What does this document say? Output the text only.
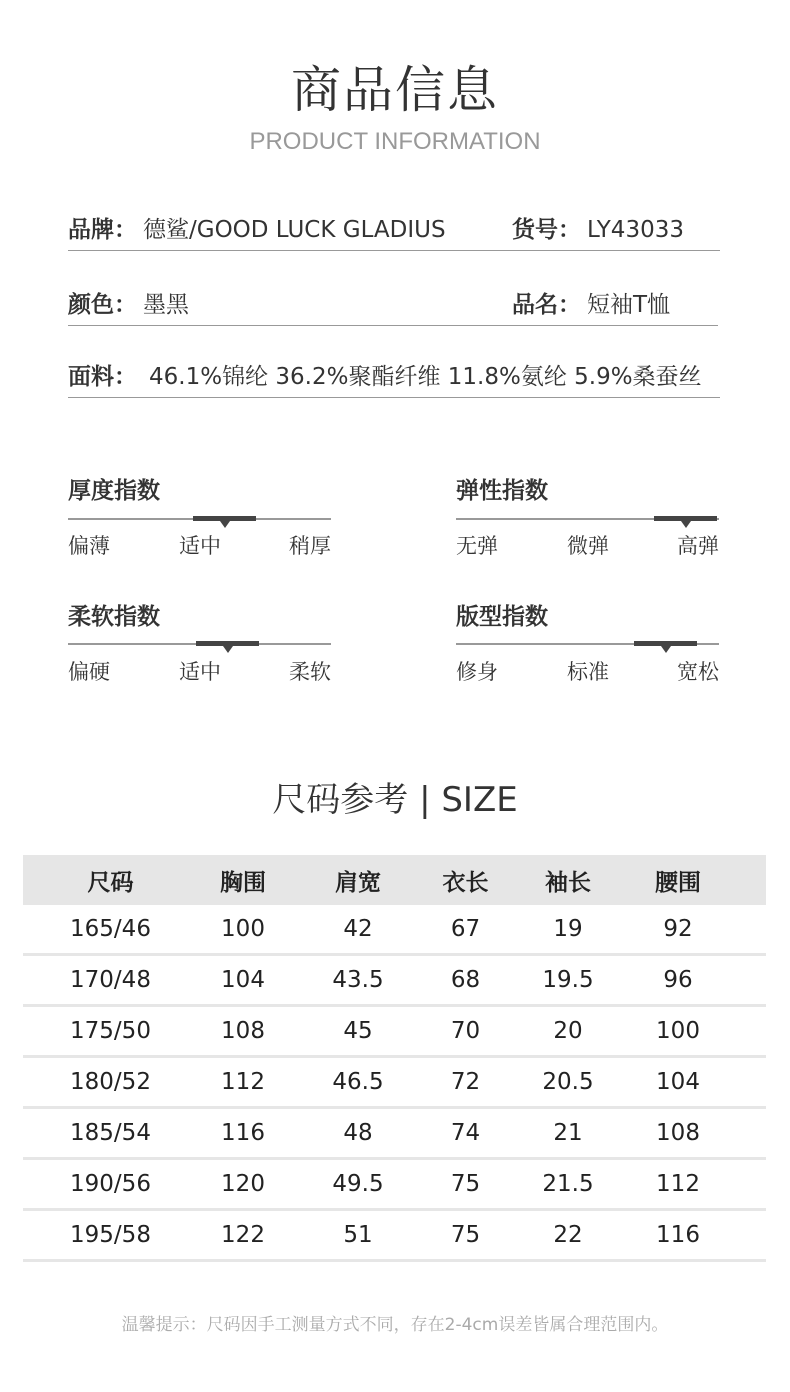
商品信息
PRODUCT INFORMATION
品牌： 德鲨/GOOD LUCK GLADIUS	货号： LY43033
颜色： 墨黑	品名： 短袖T恤
面料： 46.1%锦纶 36.2%聚酯纤维 11.8%氨纶 5.9%桑蚕丝
厚度指数
偏薄	适中	稍厚
弹性指数
无弹	微弹	高弹
柔软指数
偏硬	适中	柔软
版型指数
修身	标准	宽松
尺码参考 | SIZE
尺码	胸围	肩宽	衣长	袖长	腰围
165/46	100	42	67	19	92
170/48	104	43.5	68	19.5	96
175/50	108	45	70	20	100
180/52	112	46.5	72	20.5	104
185/54	116	48	74	21	108
190/56	120	49.5	75	21.5	112
195/58	122	51	75	22	116
温馨提示：尺码因手工测量方式不同，存在2-4cm误差皆属合理范围内。
